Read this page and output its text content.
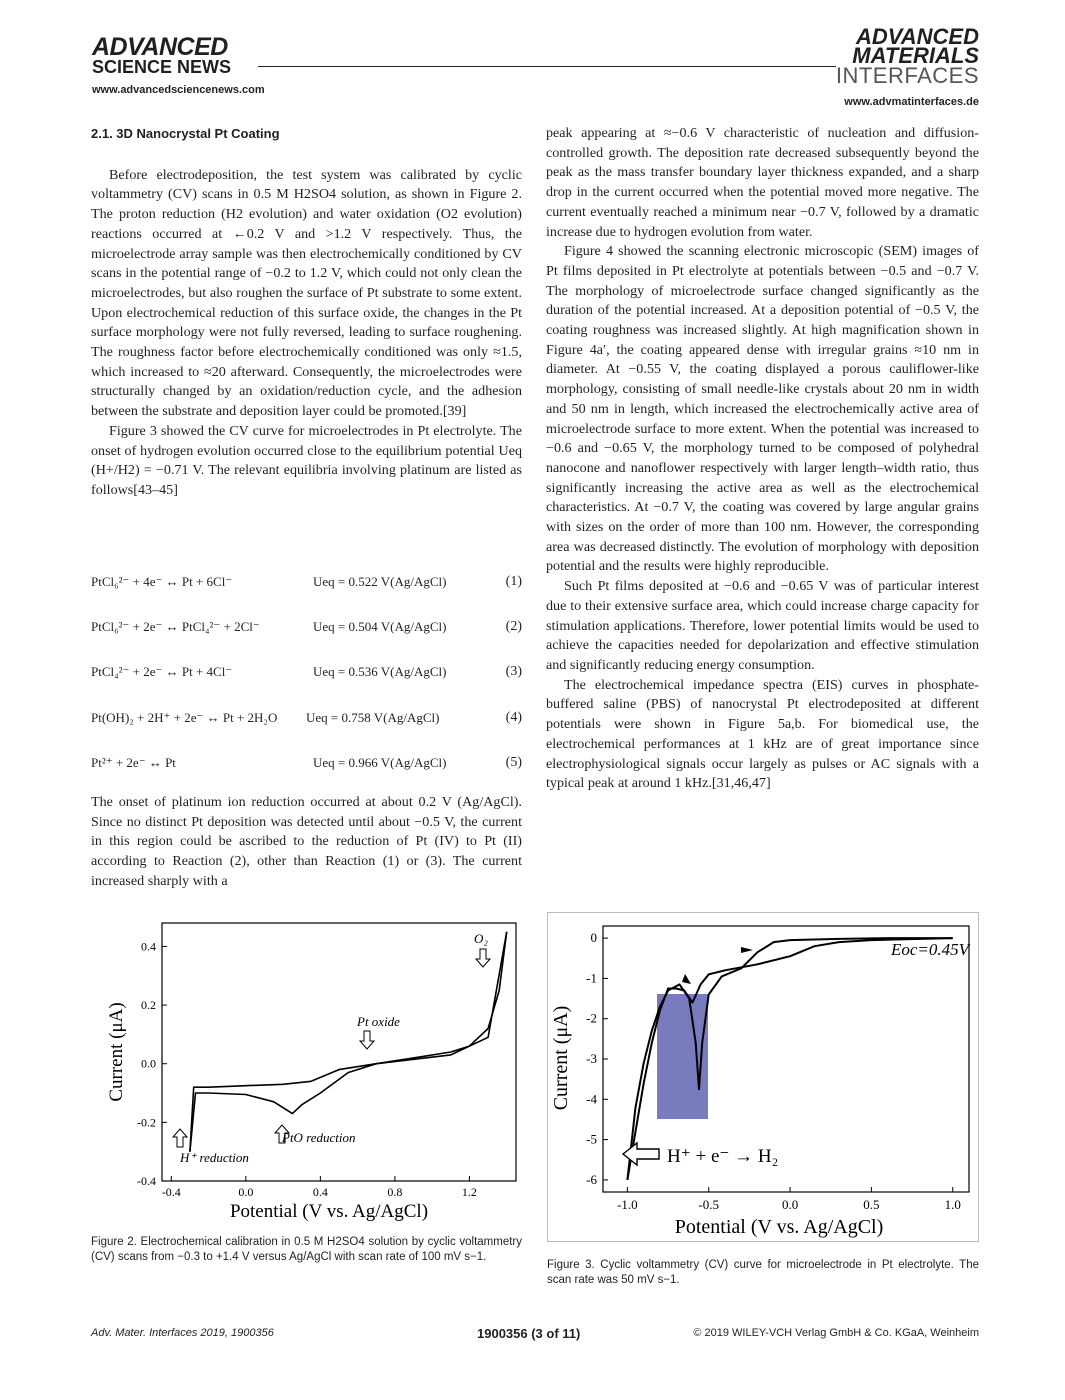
ADVANCED
SCIENCE NEWS
www.advancedsciencenews.com
ADVANCED
MATERIALS
INTERFACES
www.advmatinterfaces.de
2.1. 3D Nanocrystal Pt Coating

Before electrodeposition, the test system was calibrated by cyclic voltammetry (CV) scans in 0.5 M H2SO4 solution, as shown in Figure 2. The proton reduction (H2 evolution) and water oxidation (O2 evolution) reactions occurred at ←0.2 V and >1.2 V respectively. Thus, the microelectrode array sample was then electrochemically conditioned by CV scans in the potential range of −0.2 to 1.2 V, which could not only clean the microelectrodes, but also roughen the surface of Pt substrate to some extent. Upon electrochemical reduction of this surface oxide, the changes in the Pt surface morphology were not fully reversed, leading to surface roughening. The roughness factor before electrochemically conditioned was only ≈1.5, which increased to ≈20 afterward. Consequently, the microelectrodes were structurally changed by an oxidation/reduction cycle, and the adhesion between the substrate and deposition layer could be promoted.[39]

Figure 3 showed the CV curve for microelectrodes in Pt electrolyte. The onset of hydrogen evolution occurred close to the equilibrium potential Ueq (H+/H2) = −0.71 V. The relevant equilibria involving platinum are listed as follows[43–45]

PtCl₆²⁻ + 4e⁻ ↔ Pt + 6Cl⁻	Ueq = 0.522 V(Ag/AgCl)	(1)
PtCl₆²⁻ + 2e⁻ ↔ PtCl₄²⁻ + 2Cl⁻	Ueq = 0.504 V(Ag/AgCl)	(2)
PtCl₄²⁻ + 2e⁻ ↔ Pt + 4Cl⁻	Ueq = 0.536 V(Ag/AgCl)	(3)
Pt(OH)₂ + 2H⁺ + 2e⁻ ↔ Pt + 2H₂O Ueq = 0.758 V(Ag/AgCl)	(4)
Pt²⁺ + 2e⁻ ↔ Pt	Ueq = 0.966 V(Ag/AgCl)	(5)

The onset of platinum ion reduction occurred at about 0.2 V (Ag/AgCl). Since no distinct Pt deposition was detected until about −0.5 V, the current in this region could be ascribed to the reduction of Pt (IV) to Pt (II) according to Reaction (2), other than Reaction (1) or (3). The current increased sharply with a

peak appearing at ≈−0.6 V characteristic of nucleation and diffusion-controlled growth. The deposition rate decreased subsequently beyond the peak as the mass transfer boundary layer thickness expanded, and a sharp drop in the current occurred when the potential moved more negative. The current eventually reached a minimum near −0.7 V, followed by a dramatic increase due to hydrogen evolution from water.

Figure 4 showed the scanning electronic microscopic (SEM) images of Pt films deposited in Pt electrolyte at potentials between −0.5 and −0.7 V. The morphology of microelectrode surface changed significantly as the duration of the potential increased. At a deposition potential of −0.5 V, the coating roughness was increased slightly. At high magnification shown in Figure 4a′, the coating appeared dense with irregular grains ≈10 nm in diameter. At −0.55 V, the coating displayed a porous cauliflower-like morphology, consisting of small needle-like crystals about 20 nm in width and 50 nm in length, which increased the electrochemically active area of microelectrode surface to more extent. When the potential was increased to −0.6 and −0.65 V, the morphology turned to be composed of polyhedral nanocone and nanoflower respectively with larger length–width ratio, thus significantly increasing the active area as well as the electrochemical characteristics. At −0.7 V, the coating was covered by large angular grains with sizes on the order of more than 100 nm. However, the corresponding area was decreased distinctly. The evolution of morphology with deposition potential and the results were highly reproducible.

Such Pt films deposited at −0.6 and −0.65 V was of particular interest due to their extensive surface area, which could increase charge capacity for stimulation applications. Therefore, lower potential limits would be used to achieve the capacities needed for depolarization and effective stimulation and significantly reducing energy consumption.

The electrochemical impedance spectra (EIS) curves in phosphate-buffered saline (PBS) of nanocrystal Pt electrodeposited at different potentials were shown in Figure 5a,b. For biomedical use, the electrochemical performances at 1 kHz are of great importance since electrophysiological signals occur largely as pulses or AC signals with a typical peak at around 1 kHz.[31,46,47]

-0.4	0.0	0.4	0.8	1.2
-0.4
-0.2
0.0
0.2
0.4
Current (μA)
Potential (V vs. Ag/AgCl)
O₂
Pt oxide
PtO reduction
H⁺ reduction
Figure 2. Electrochemical calibration in 0.5 M H2SO4 solution by cyclic voltammetry (CV) scans from −0.3 to +1.4 V versus Ag/AgCl with scan rate of 100 mV s−1.
-1.0	-0.5	0.0	0.5	1.0
0
-1
-2
-3
-4
-5
-6
Eoc=0.45V
H⁺ + e⁻ → H₂
Current (μA)
Potential (V vs. Ag/AgCl)
Figure 3. Cyclic voltammetry (CV) curve for microelectrode in Pt electrolyte. The scan rate was 50 mV s−1.
Adv. Mater. Interfaces 2019, 1900356	1900356 (3 of 11)	© 2019 WILEY-VCH Verlag GmbH & Co. KGaA, Weinheim
